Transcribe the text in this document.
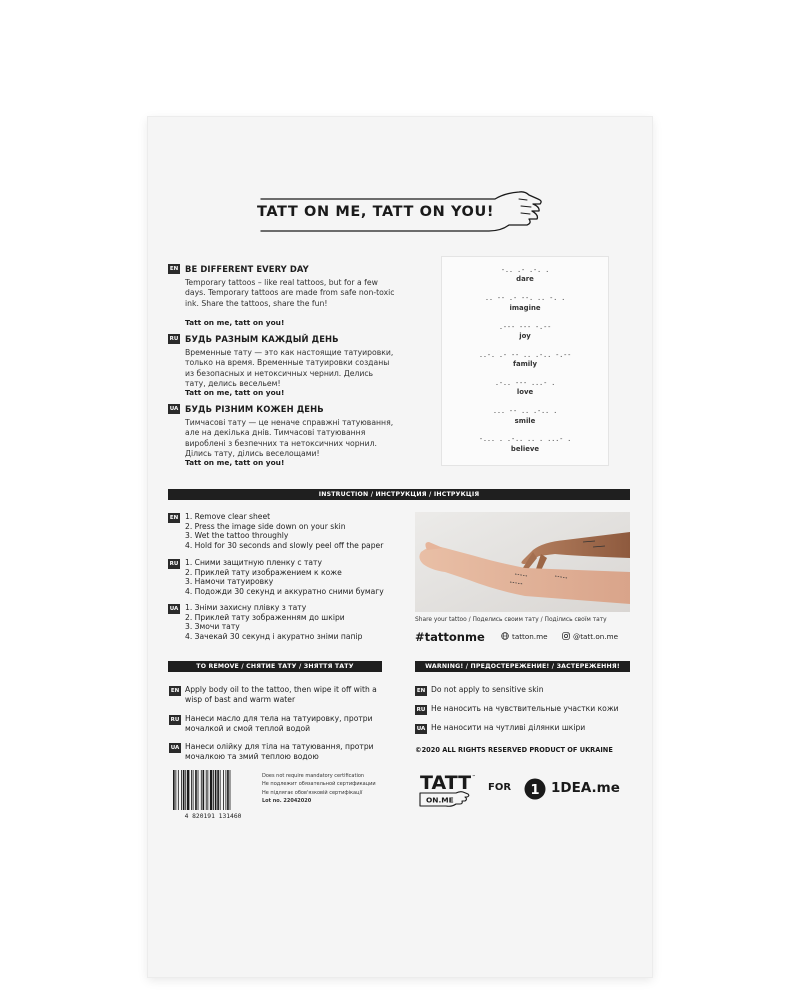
TATT ON ME, TATT ON YOU!
EN BE DIFFERENT EVERY DAY

Temporary tattoos – like real tattoos, but for a few days. Temporary tattoos are made from safe non-toxic ink. Share the tattoos, share the fun!

Tatt on me, tatt on you!
RU БУДЬ РАЗНЫМ КАЖДЫЙ ДЕНЬ

Временные тату — это как настоящие татуировки, только на время. Временные татуировки созданы из безопасных и нетоксичных чернил. Делись тату, делись весельем!

Tatt on me, tatt on you!
UA БУДЬ РІЗНИМ КОЖЕН ДЕНЬ

Тимчасові тату — це неначе справжні татуювання, але на декілька днів. Тимчасові татуювання вироблені з безпечних та нетоксичних чорнил. Ділись тату, ділись веселощами!

Tatt on me, tatt on you!
-.. .- .-. .
dare
.. -- .- --. .. -. .
imagine
.--- --- -.--
joy
..-. .- -- .. .-.. -.--
family
.-.. --- ...- .
love
... -- .. .-.. .
smile
-... . .-.. .. . ...- .
believe
INSTRUCTION / ИНСТРУКЦИЯ / ІНСТРУКЦІЯ
EN 1. Remove clear sheet
2. Press the image side down on your skin
3. Wet the tattoo throughly
4. Hold for 30 seconds and slowly peel off the paper
RU 1. Сними защитную пленку с тату
2. Приклей тату изображением к коже
3. Намочи татуировку
4. Подожди 30 секунд и аккуратно сними бумагу
UA 1. Зніми захисну плівку з тату
2. Приклей тату зображенням до шкіри
3. Змочи тату
4. Зачекай 30 секунд і акуратно зніми папір
Share your tattoo / Поделись своим тату / Подiлись своїм тату
#tattonme	tatton.me	@tatt.on.me
TO REMOVE / СНЯТИЕ ТАТУ / ЗНЯТТЯ ТАТУ
EN Apply body oil to the tattoo, then wipe it off with a wisp of bast and warm water

RU Нанеси масло для тела на татуировку, протри мочалкой и смой теплой водой

UA Нанеси олійку для тіла на татуювання, протри мочалкою та змий теплою водою

WARNING! / ПРЕДОСТЕРЕЖЕНИЕ! / ЗАСТЕРЕЖЕННЯ!
EN Do not apply to sensitive skin

RU Не наносить на чувствительные участки кожи

UA Не наносити на чутливі ділянки шкіри

©2020 ALL RIGHTS RESERVED PRODUCT OF UKRAINE
4 820191 131460
Does not require mandatory certification
Не подлежит обязательной сертификации
Не підлягає обов'язковій сертифікації
Lot no. 22042020
TATT
ON.ME
™
FOR 1 1DEA.me
